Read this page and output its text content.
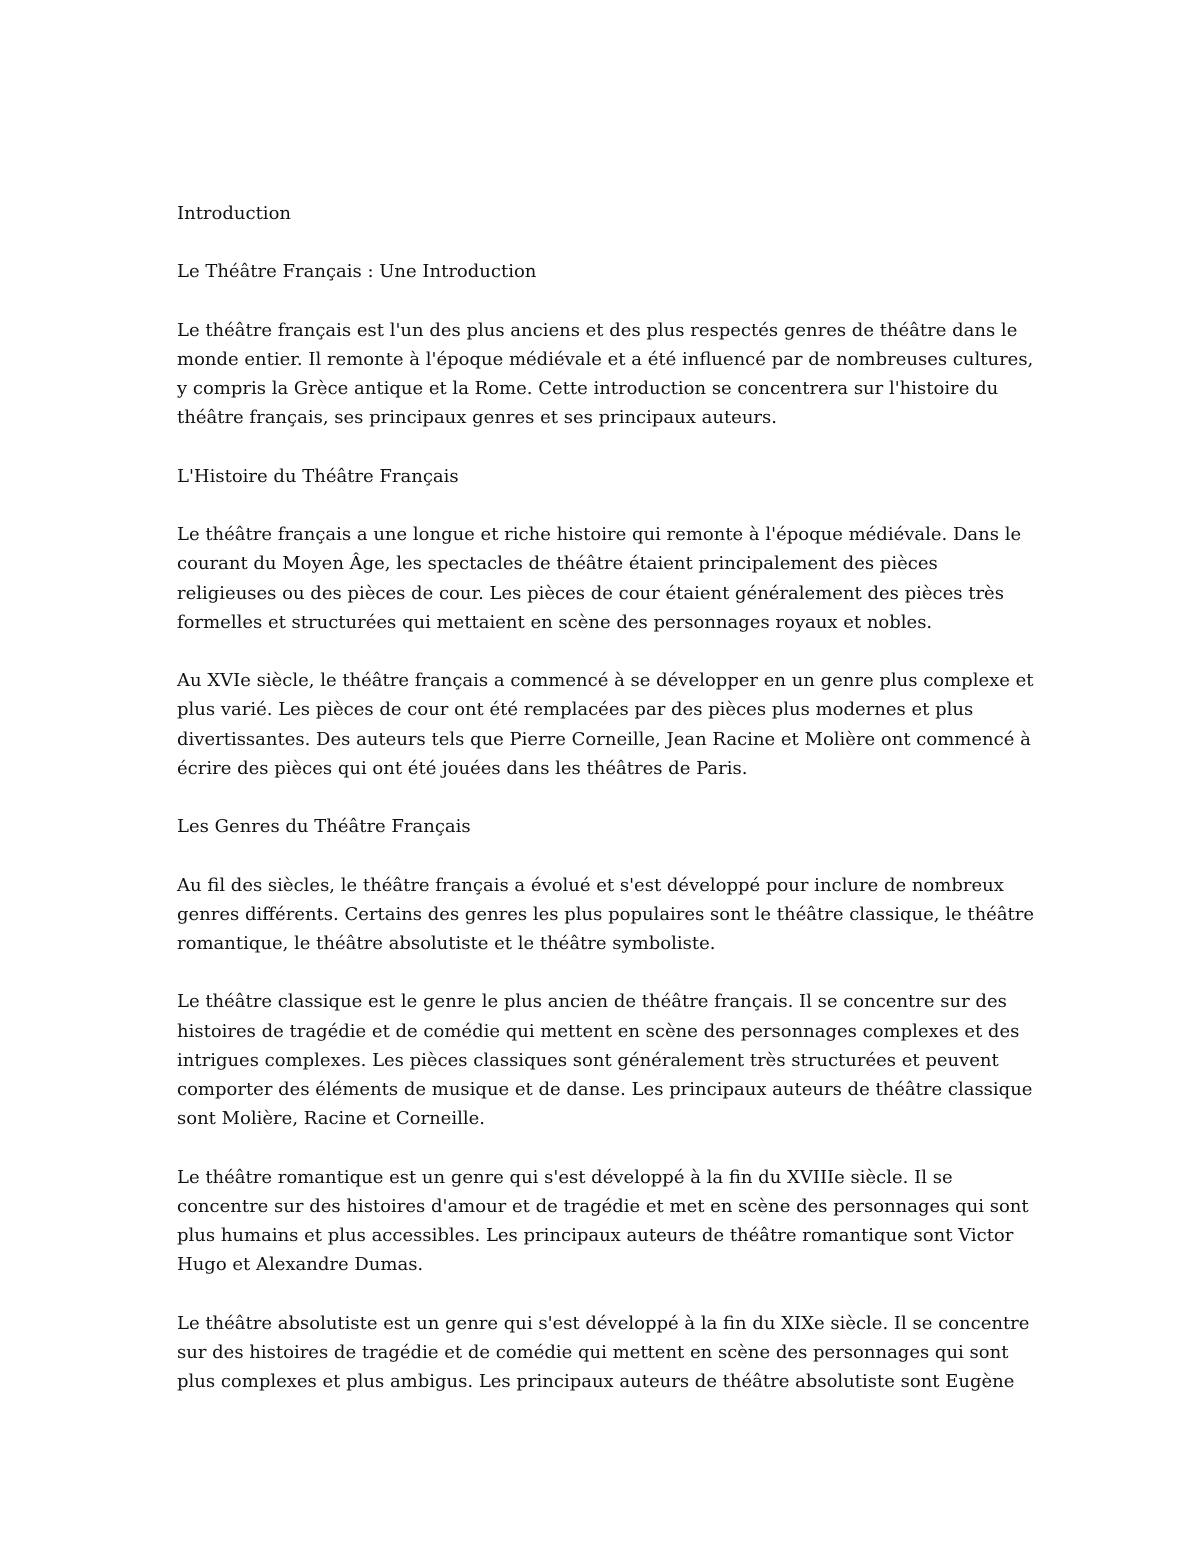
Introduction

Le Théâtre Français : Une Introduction

Le théâtre français est l'un des plus anciens et des plus respectés genres de théâtre dans le monde entier. Il remonte à l'époque médiévale et a été influencé par de nombreuses cultures, y compris la Grèce antique et la Rome. Cette introduction se concentrera sur l'histoire du théâtre français, ses principaux genres et ses principaux auteurs.

L'Histoire du Théâtre Français

Le théâtre français a une longue et riche histoire qui remonte à l'époque médiévale. Dans le courant du Moyen Âge, les spectacles de théâtre étaient principalement des pièces religieuses ou des pièces de cour. Les pièces de cour étaient généralement des pièces très formelles et structurées qui mettaient en scène des personnages royaux et nobles.

Au XVIe siècle, le théâtre français a commencé à se développer en un genre plus complexe et plus varié. Les pièces de cour ont été remplacées par des pièces plus modernes et plus divertissantes. Des auteurs tels que Pierre Corneille, Jean Racine et Molière ont commencé à écrire des pièces qui ont été jouées dans les théâtres de Paris.

Les Genres du Théâtre Français

Au fil des siècles, le théâtre français a évolué et s'est développé pour inclure de nombreux genres différents. Certains des genres les plus populaires sont le théâtre classique, le théâtre romantique, le théâtre absolutiste et le théâtre symboliste.

Le théâtre classique est le genre le plus ancien de théâtre français. Il se concentre sur des histoires de tragédie et de comédie qui mettent en scène des personnages complexes et des intrigues complexes. Les pièces classiques sont généralement très structurées et peuvent comporter des éléments de musique et de danse. Les principaux auteurs de théâtre classique sont Molière, Racine et Corneille.

Le théâtre romantique est un genre qui s'est développé à la fin du XVIIIe siècle. Il se concentre sur des histoires d'amour et de tragédie et met en scène des personnages qui sont plus humains et plus accessibles. Les principaux auteurs de théâtre romantique sont Victor Hugo et Alexandre Dumas.

Le théâtre absolutiste est un genre qui s'est développé à la fin du XIXe siècle. Il se concentre sur des histoires de tragédie et de comédie qui mettent en scène des personnages qui sont plus complexes et plus ambigus. Les principaux auteurs de théâtre absolutiste sont Eugène
